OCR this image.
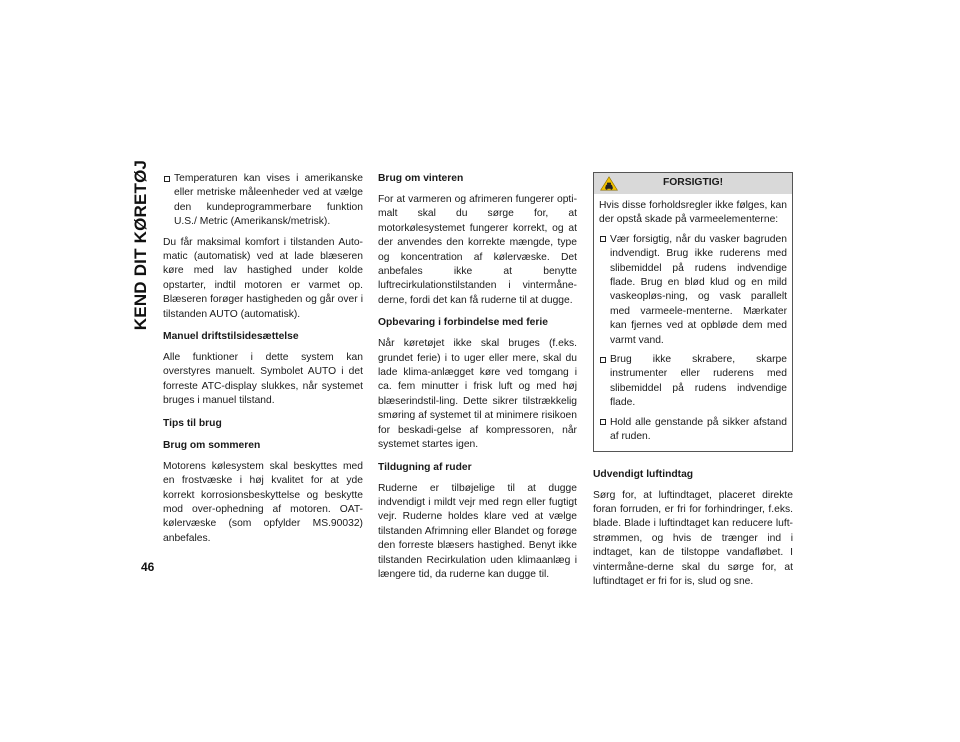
KEND DIT KØRETØJ
46
Temperaturen kan vises i amerikanske eller metriske måleenheder ved at vælge den kundeprogrammerbare funktion U.S./ Metric (Amerikansk/metrisk).

Du får maksimal komfort i tilstanden Auto-matic (automatisk) ved at lade blæseren køre med lav hastighed under kolde opstarter, indtil motoren er varmet op. Blæseren forøger hastigheden og går over i tilstanden AUTO (automatisk).

Manuel driftstilsidesættelse

Alle funktioner i dette system kan overstyres manuelt. Symbolet AUTO i det forreste ATC-display slukkes, når systemet bruges i manuel tilstand.

Tips til brug
Brug om sommeren

Motorens kølesystem skal beskyttes med en frostvæske i høj kvalitet for at yde korrekt korrosionsbeskyttelse og beskytte mod over-ophedning af motoren. OAT-kølervæske (som opfylder MS.90032) anbefales.

Brug om vinteren

For at varmeren og afrimeren fungerer opti-malt skal du sørge for, at motorkølesystemet fungerer korrekt, og at der anvendes den korrekte mængde, type og koncentration af kølervæske. Det anbefales ikke at benytte luftrecirkulationstilstanden i vintermåne-derne, fordi det kan få ruderne til at dugge.

Opbevaring i forbindelse med ferie

Når køretøjet ikke skal bruges (f.eks. grundet ferie) i to uger eller mere, skal du lade klima-anlægget køre ved tomgang i ca. fem minutter i frisk luft og med høj blæserindstil-ling. Dette sikrer tilstrækkelig smøring af systemet til at minimere risikoen for beskadi-gelse af kompressoren, når systemet startes igen.

Tildugning af ruder

Ruderne er tilbøjelige til at dugge indvendigt i mildt vejr med regn eller fugtigt vejr. Ruderne holdes klare ved at vælge tilstanden Afrimning eller Blandet og forøge den forreste blæsers hastighed. Benyt ikke tilstanden Recirkulation uden klimaanlæg i længere tid, da ruderne kan dugge til.

FORSIGTIG!

Hvis disse forholdsregler ikke følges, kan der opstå skade på varmeelementerne:

Vær forsigtig, når du vasker bagruden indvendigt. Brug ikke ruderens med slibemiddel på rudens indvendige flade. Brug en blød klud og en mild vaskeopløs-ning, og vask parallelt med varmeele-menterne. Mærkater kan fjernes ved at opbløde dem med varmt vand.
Brug ikke skrabere, skarpe instrumenter eller ruderens med slibemiddel på rudens indvendige flade.
Hold alle genstande på sikker afstand af ruden.
Udvendigt luftindtag

Sørg for, at luftindtaget, placeret direkte foran forruden, er fri for forhindringer, f.eks. blade. Blade i luftindtaget kan reducere luft-strømmen, og hvis de trænger ind i indtaget, kan de tilstoppe vandafløbet. I vintermåne-derne skal du sørge for, at luftindtaget er fri for is, slud og sne.
